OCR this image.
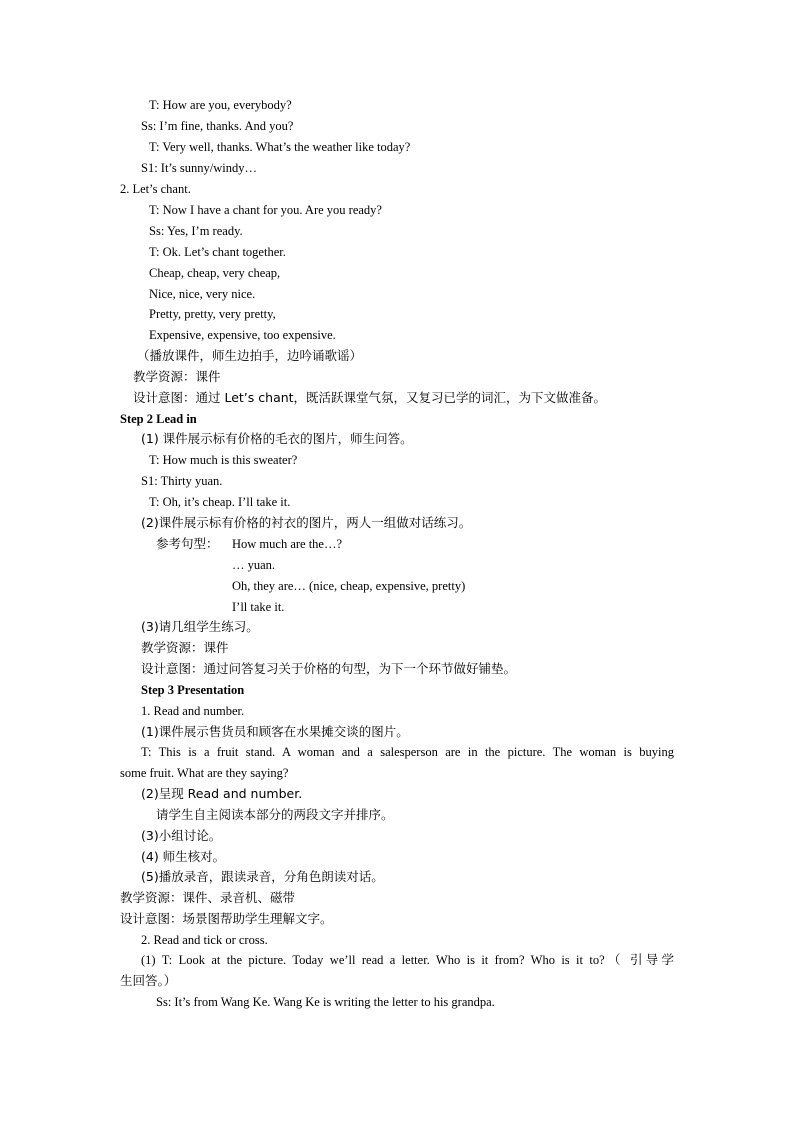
T: How are you, everybody?

Ss: I’m fine, thanks. And you?

T: Very well, thanks. What’s the weather like today?

S1: It’s sunny/windy…

2. Let’s chant.

T: Now I have a chant for you. Are you ready?

Ss: Yes, I’m ready.

T: Ok. Let’s chant together.

Cheap, cheap, very cheap,

Nice, nice, very nice.

Pretty, pretty, very pretty,

Expensive, expensive, too expensive.

（播放课件，师生边拍手，边吟诵歌谣）

教学资源：课件

设计意图：通过 Let’s chant，既活跃课堂气氛，又复习已学的词汇，为下文做准备。

Step 2 Lead in

(1) 课件展示标有价格的毛衣的图片，师生问答。

T: How much is this sweater?

S1: Thirty yuan.

T: Oh, it’s cheap. I’ll take it.

(2)课件展示标有价格的衬衣的图片，两人一组做对话练习。

参考句型： How much are the…?

… yuan.

Oh, they are… (nice, cheap, expensive, pretty)

I’ll take it.

(3)请几组学生练习。

教学资源：课件

设计意图：通过问答复习关于价格的句型，为下一个环节做好铺垫。

Step 3 Presentation

1. Read and number.

(1)课件展示售货员和顾客在水果摊交谈的图片。

T: This is a fruit stand. A woman and a salesperson are in the picture. The woman is buying

some fruit. What are they saying?

(2)呈现 Read and number.

请学生自主阅读本部分的两段文字并排序。

(3)小组讨论。

(4) 师生核对。

(5)播放录音，跟读录音，分角色朗读对话。

教学资源：课件、录音机、磁带

设计意图：场景图帮助学生理解文字。

2. Read and tick or cross.

(1) T: Look at the picture. Today we’ll read a letter. Who is it from? Who is it to?（ 引导学

生回答。）

Ss: It’s from Wang Ke. Wang Ke is writing the letter to his grandpa.
